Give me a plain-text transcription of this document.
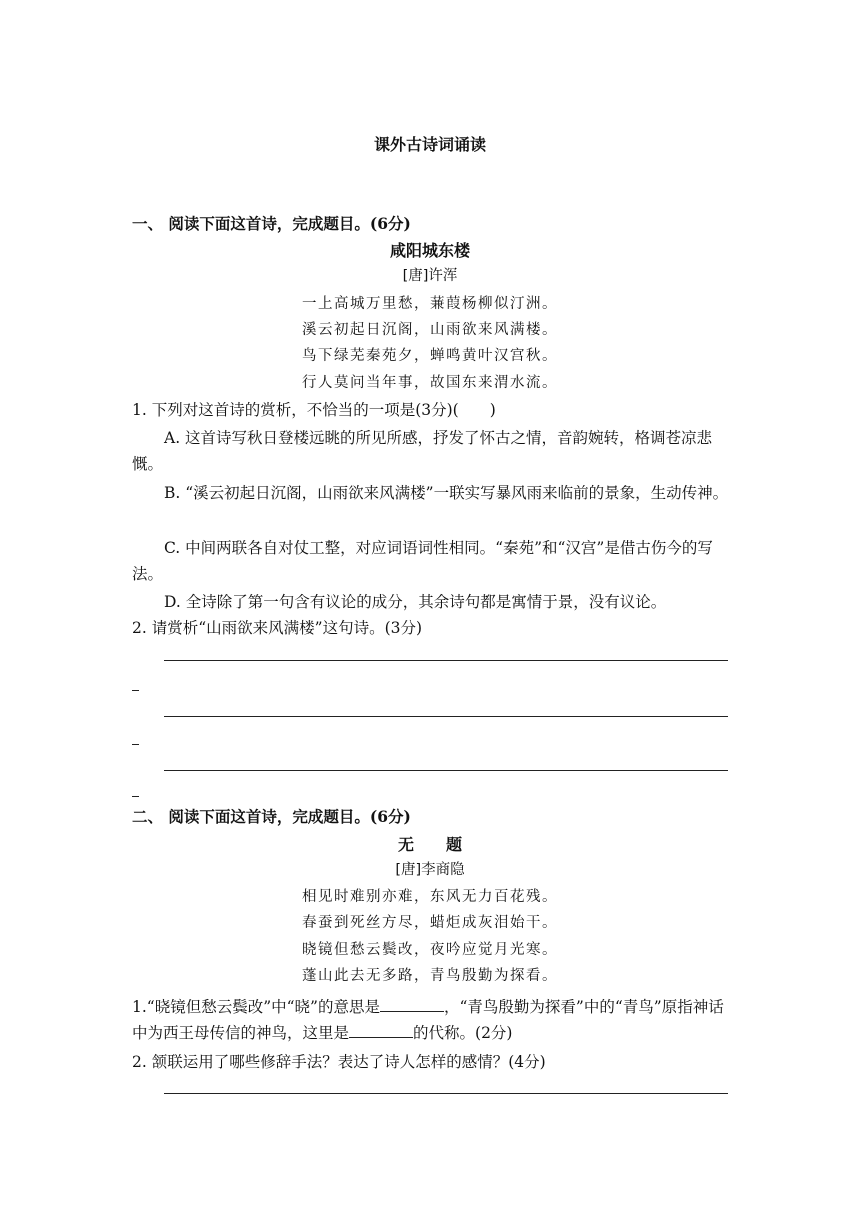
课外古诗词诵读
一、 阅读下面这首诗，完成题目。(6分)
咸阳城东楼
[唐]许浑
一上高城万里愁，蒹葭杨柳似汀洲。
溪云初起日沉阁，山雨欲来风满楼。
鸟下绿芜秦苑夕，蝉鸣黄叶汉宫秋。
行人莫问当年事，故国东来渭水流。
1. 下列对这首诗的赏析，不恰当的一项是(3分)(　　)
A. 这首诗写秋日登楼远眺的所见所感，抒发了怀古之情，音韵婉转，格调苍凉悲慨。
B. “溪云初起日沉阁，山雨欲来风满楼”一联实写暴风雨来临前的景象，生动传神。
C. 中间两联各自对仗工整，对应词语词性相同。“秦苑”和“汉宫”是借古伤今的写法。
D. 全诗除了第一句含有议论的成分，其余诗句都是寓情于景，没有议论。
2. 请赏析“山雨欲来风满楼”这句诗。(3分)
二、 阅读下面这首诗，完成题目。(6分)
无　　题
[唐]李商隐
相见时难别亦难，东风无力百花残。
春蚕到死丝方尽，蜡炬成灰泪始干。
晓镜但愁云鬓改，夜吟应觉月光寒。
蓬山此去无多路，青鸟殷勤为探看。
1.“晓镜但愁云鬓改”中“晓”的意思是	，“青鸟殷勤为探看”中的“青鸟”原指神话中为西王母传信的神鸟，这里是	的代称。(2分)
2. 颔联运用了哪些修辞手法？表达了诗人怎样的感情？(4分)
